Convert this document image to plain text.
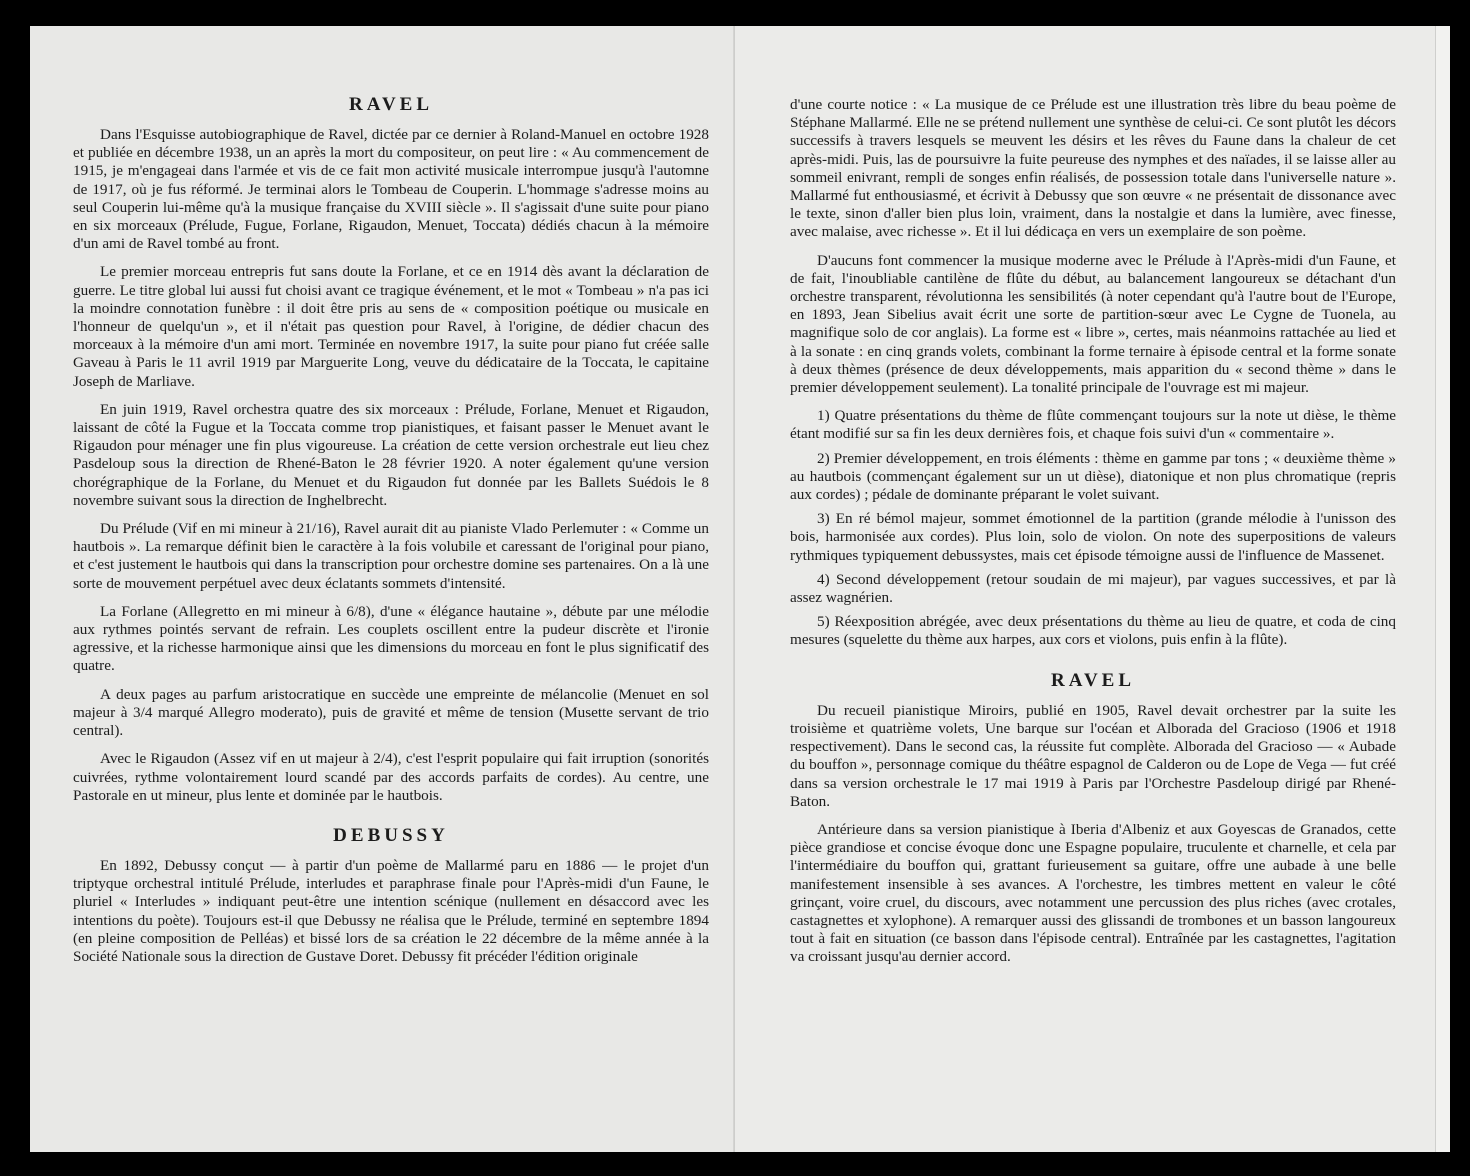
RAVEL

Dans l'Esquisse autobiographique de Ravel, dictée par ce dernier à Roland-Manuel en octobre 1928 et publiée en décembre 1938, un an après la mort du compositeur, on peut lire : « Au commencement de 1915, je m'engageai dans l'armée et vis de ce fait mon activité musicale interrompue jusqu'à l'automne de 1917, où je fus réformé. Je terminai alors le Tombeau de Couperin. L'hommage s'adresse moins au seul Couperin lui-même qu'à la musique française du XVIII siècle ». Il s'agissait d'une suite pour piano en six morceaux (Prélude, Fugue, Forlane, Rigaudon, Menuet, Toccata) dédiés chacun à la mémoire d'un ami de Ravel tombé au front.

Le premier morceau entrepris fut sans doute la Forlane, et ce en 1914 dès avant la déclaration de guerre. Le titre global lui aussi fut choisi avant ce tragique événement, et le mot « Tombeau » n'a pas ici la moindre connotation funèbre : il doit être pris au sens de « composition poétique ou musicale en l'honneur de quelqu'un », et il n'était pas question pour Ravel, à l'origine, de dédier chacun des morceaux à la mémoire d'un ami mort. Terminée en novembre 1917, la suite pour piano fut créée salle Gaveau à Paris le 11 avril 1919 par Marguerite Long, veuve du dédicataire de la Toccata, le capitaine Joseph de Marliave.

En juin 1919, Ravel orchestra quatre des six morceaux : Prélude, Forlane, Menuet et Rigaudon, laissant de côté la Fugue et la Toccata comme trop pianistiques, et faisant passer le Menuet avant le Rigaudon pour ménager une fin plus vigoureuse. La création de cette version orchestrale eut lieu chez Pasdeloup sous la direction de Rhené-Baton le 28 février 1920. A noter également qu'une version chorégraphique de la Forlane, du Menuet et du Rigaudon fut donnée par les Ballets Suédois le 8 novembre suivant sous la direction de Inghelbrecht.

Du Prélude (Vif en mi mineur à 21/16), Ravel aurait dit au pianiste Vlado Perlemuter : « Comme un hautbois ». La remarque définit bien le caractère à la fois volubile et caressant de l'original pour piano, et c'est justement le hautbois qui dans la transcription pour orchestre domine ses partenaires. On a là une sorte de mouvement perpétuel avec deux éclatants sommets d'intensité.

La Forlane (Allegretto en mi mineur à 6/8), d'une « élégance hautaine », débute par une mélodie aux rythmes pointés servant de refrain. Les couplets oscillent entre la pudeur discrète et l'ironie agressive, et la richesse harmonique ainsi que les dimensions du morceau en font le plus significatif des quatre.

A deux pages au parfum aristocratique en succède une empreinte de mélancolie (Menuet en sol majeur à 3/4 marqué Allegro moderato), puis de gravité et même de tension (Musette servant de trio central).

Avec le Rigaudon (Assez vif en ut majeur à 2/4), c'est l'esprit populaire qui fait irruption (sonorités cuivrées, rythme volontairement lourd scandé par des accords parfaits de cordes). Au centre, une Pastorale en ut mineur, plus lente et dominée par le hautbois.

DEBUSSY

En 1892, Debussy conçut — à partir d'un poème de Mallarmé paru en 1886 — le projet d'un triptyque orchestral intitulé Prélude, interludes et paraphrase finale pour l'Après-midi d'un Faune, le pluriel « Interludes » indiquant peut-être une intention scénique (nullement en désaccord avec les intentions du poète). Toujours est-il que Debussy ne réalisa que le Prélude, terminé en septembre 1894 (en pleine composition de Pelléas) et bissé lors de sa création le 22 décembre de la même année à la Société Nationale sous la direction de Gustave Doret. Debussy fit précéder l'édition originale

d'une courte notice : « La musique de ce Prélude est une illustration très libre du beau poème de Stéphane Mallarmé. Elle ne se prétend nullement une synthèse de celui-ci. Ce sont plutôt les décors successifs à travers lesquels se meuvent les désirs et les rêves du Faune dans la chaleur de cet après-midi. Puis, las de poursuivre la fuite peureuse des nymphes et des naïades, il se laisse aller au sommeil enivrant, rempli de songes enfin réalisés, de possession totale dans l'universelle nature ». Mallarmé fut enthousiasmé, et écrivit à Debussy que son œuvre « ne présentait de dissonance avec le texte, sinon d'aller bien plus loin, vraiment, dans la nostalgie et dans la lumière, avec finesse, avec malaise, avec richesse ». Et il lui dédicaça en vers un exemplaire de son poème.

D'aucuns font commencer la musique moderne avec le Prélude à l'Après-midi d'un Faune, et de fait, l'inoubliable cantilène de flûte du début, au balancement langoureux se détachant d'un orchestre transparent, révolutionna les sensibilités (à noter cependant qu'à l'autre bout de l'Europe, en 1893, Jean Sibelius avait écrit une sorte de partition-sœur avec Le Cygne de Tuonela, au magnifique solo de cor anglais). La forme est « libre », certes, mais néanmoins rattachée au lied et à la sonate : en cinq grands volets, combinant la forme ternaire à épisode central et la forme sonate à deux thèmes (présence de deux développements, mais apparition du « second thème » dans le premier développement seulement). La tonalité principale de l'ouvrage est mi majeur.

1) Quatre présentations du thème de flûte commençant toujours sur la note ut dièse, le thème étant modifié sur sa fin les deux dernières fois, et chaque fois suivi d'un « commentaire ».

2) Premier développement, en trois éléments : thème en gamme par tons ; « deuxième thème » au hautbois (commençant également sur un ut dièse), diatonique et non plus chromatique (repris aux cordes) ; pédale de dominante préparant le volet suivant.

3) En ré bémol majeur, sommet émotionnel de la partition (grande mélodie à l'unisson des bois, harmonisée aux cordes). Plus loin, solo de violon. On note des superpositions de valeurs rythmiques typiquement debussystes, mais cet épisode témoigne aussi de l'influence de Massenet.

4) Second développement (retour soudain de mi majeur), par vagues successives, et par là assez wagnérien.

5) Réexposition abrégée, avec deux présentations du thème au lieu de quatre, et coda de cinq mesures (squelette du thème aux harpes, aux cors et violons, puis enfin à la flûte).

RAVEL

Du recueil pianistique Miroirs, publié en 1905, Ravel devait orchestrer par la suite les troisième et quatrième volets, Une barque sur l'océan et Alborada del Gracioso (1906 et 1918 respectivement). Dans le second cas, la réussite fut complète. Alborada del Gracioso — « Aubade du bouffon », personnage comique du théâtre espagnol de Calderon ou de Lope de Vega — fut créé dans sa version orchestrale le 17 mai 1919 à Paris par l'Orchestre Pasdeloup dirigé par Rhené-Baton.

Antérieure dans sa version pianistique à Iberia d'Albeniz et aux Goyescas de Granados, cette pièce grandiose et concise évoque donc une Espagne populaire, truculente et charnelle, et cela par l'intermédiaire du bouffon qui, grattant furieusement sa guitare, offre une aubade à une belle manifestement insensible à ses avances. A l'orchestre, les timbres mettent en valeur le côté grinçant, voire cruel, du discours, avec notamment une percussion des plus riches (avec crotales, castagnettes et xylophone). A remarquer aussi des glissandi de trombones et un basson langoureux tout à fait en situation (ce basson dans l'épisode central). Entraînée par les castagnettes, l'agitation va croissant jusqu'au dernier accord.
